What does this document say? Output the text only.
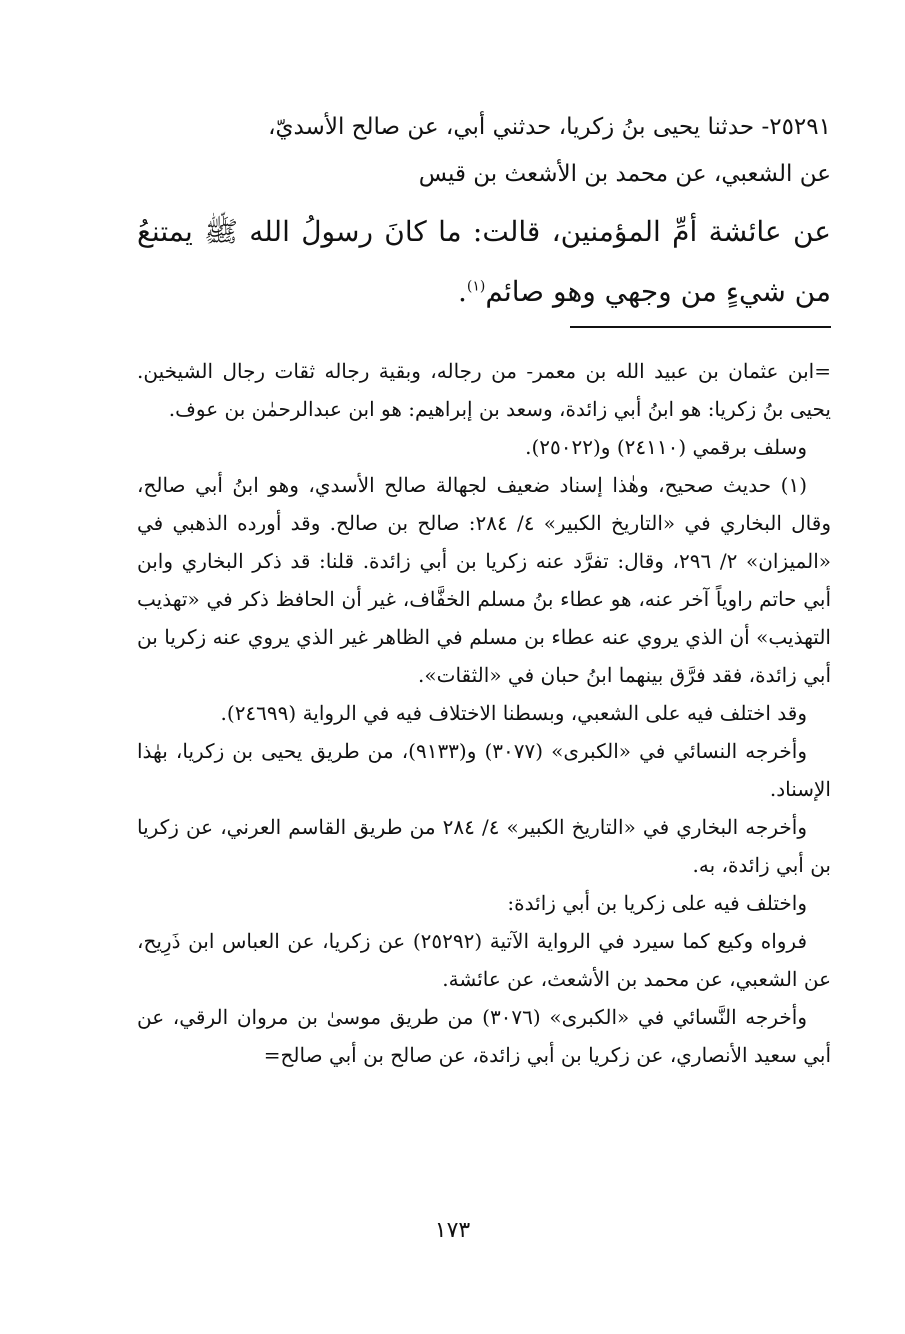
٢٥٢٩١- حدثنا يحيى بنُ زكريا، حدثني أبي، عن صالح الأسديّ،
عن الشعبي، عن محمد بن الأشعث بن قيس
عن عائشة أمِّ المؤمنين، قالت: ما كانَ رسولُ الله ﷺ يمتنعُ من شيءٍ من وجهي وهو صائم$^{(١)}$.

=ابن عثمان بن عبيد الله بن معمر- من رجاله، وبقية رجاله ثقات رجال الشيخين. يحيى بنُ زكريا: هو ابنُ أبي زائدة، وسعد بن إبراهيم: هو ابن عبدالرحمٰن بن عوف.

وسلف برقمي (٢٤١١٠) و(٢٥٠٢٢).

(١) حديث صحيح، وهٰذا إسناد ضعيف لجهالة صالح الأسدي، وهو ابنُ أبي صالح، وقال البخاري في «التاريخ الكبير» ٤/ ٢٨٤: صالح بن صالح. وقد أورده الذهبي في «الميزان» ٢/ ٢٩٦، وقال: تفرَّد عنه زكريا بن أبي زائدة. قلنا: قد ذكر البخاري وابن أبي حاتم راوياً آخر عنه، هو عطاء بنُ مسلم الخفَّاف، غير أن الحافظ ذكر في «تهذيب التهذيب» أن الذي يروي عنه عطاء بن مسلم في الظاهر غير الذي يروي عنه زكريا بن أبي زائدة، فقد فرَّق بينهما ابنُ حبان في «الثقات».

وقد اختلف فيه على الشعبي، وبسطنا الاختلاف فيه في الرواية (٢٤٦٩٩).

وأخرجه النسائي في «الكبرى» (٣٠٧٧) و(٩١٣٣)، من طريق يحيى بن زكريا، بهٰذا الإسناد.

وأخرجه البخاري في «التاريخ الكبير» ٤/ ٢٨٤ من طريق القاسم العرني، عن زكريا بن أبي زائدة، به.

واختلف فيه على زكريا بن أبي زائدة:

فرواه وكيع كما سيرد في الرواية الآتية (٢٥٢٩٢) عن زكريا، عن العباس ابن ذَرِيح، عن الشعبي، عن محمد بن الأشعث، عن عائشة.

وأخرجه النَّسائي في «الكبرى» (٣٠٧٦) من طريق موسىٰ بن مروان الرقي، عن أبي سعيد الأنصاري، عن زكريا بن أبي زائدة، عن صالح بن أبي صالح=

١٧٣
